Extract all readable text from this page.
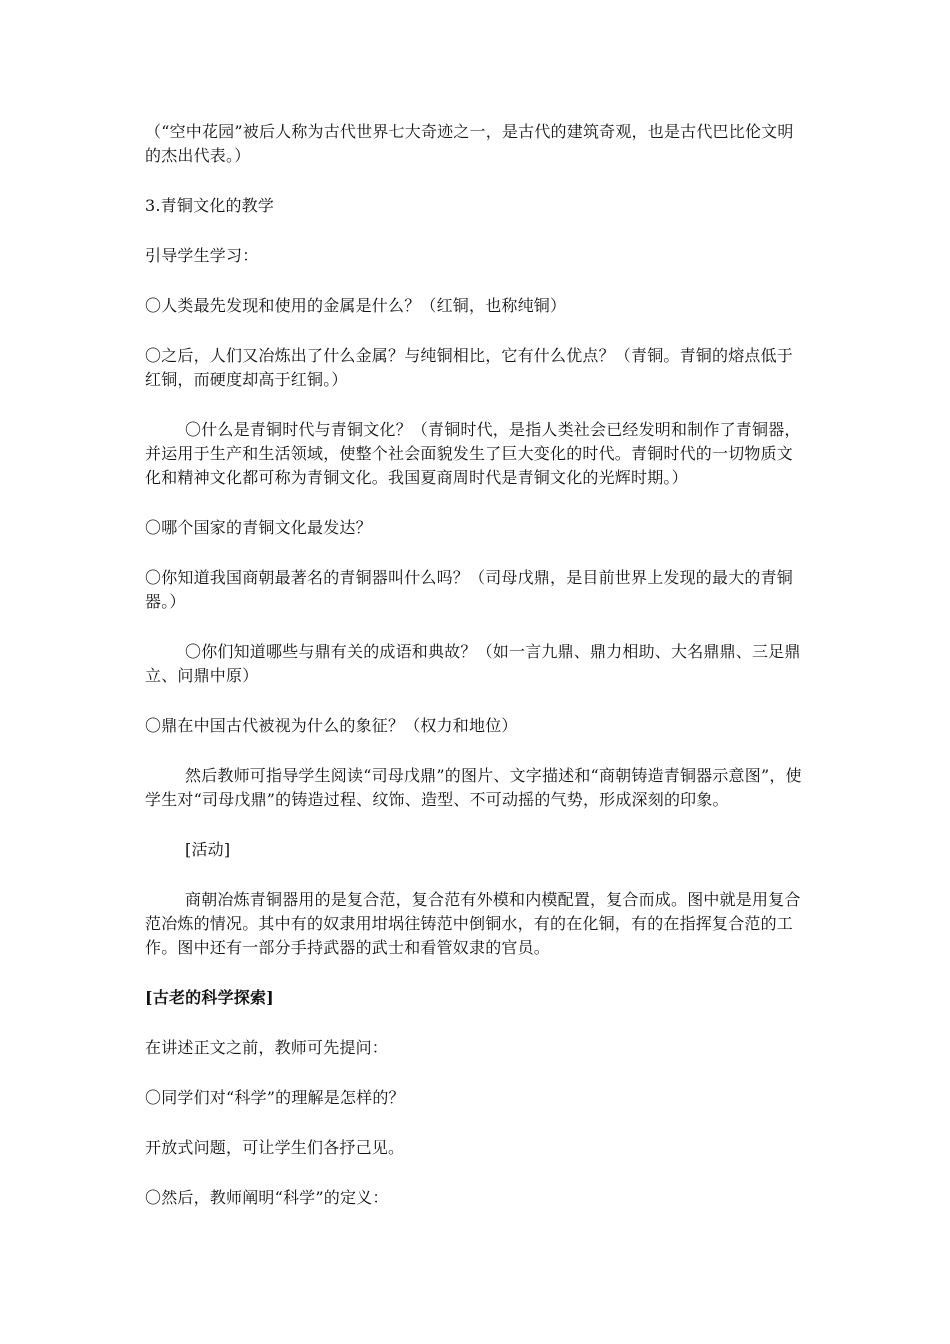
（“空中花园”被后人称为古代世界七大奇迹之一，是古代的建筑奇观，也是古代巴比伦文明的杰出代表。）

3.青铜文化的教学

引导学生学习：

〇人类最先发现和使用的金属是什么？（红铜，也称纯铜）

〇之后，人们又冶炼出了什么金属？与纯铜相比，它有什么优点？（青铜。青铜的熔点低于红铜，而硬度却高于红铜。）

〇什么是青铜时代与青铜文化？（青铜时代，是指人类社会已经发明和制作了青铜器，并运用于生产和生活领域，使整个社会面貌发生了巨大变化的时代。青铜时代的一切物质文化和精神文化都可称为青铜文化。我国夏商周时代是青铜文化的光辉时期。）

〇哪个国家的青铜文化最发达？

〇你知道我国商朝最著名的青铜器叫什么吗？（司母戊鼎，是目前世界上发现的最大的青铜器。）

〇你们知道哪些与鼎有关的成语和典故？（如一言九鼎、鼎力相助、大名鼎鼎、三足鼎立、问鼎中原）

〇鼎在中国古代被视为什么的象征？（权力和地位）

然后教师可指导学生阅读“司母戊鼎”的图片、文字描述和“商朝铸造青铜器示意图”，使学生对“司母戊鼎”的铸造过程、纹饰、造型、不可动摇的气势，形成深刻的印象。

[活动]

商朝冶炼青铜器用的是复合范，复合范有外模和内模配置，复合而成。图中就是用复合范冶炼的情况。其中有的奴隶用坩埚往铸范中倒铜水，有的在化铜，有的在指挥复合范的工作。图中还有一部分手持武器的武士和看管奴隶的官员。

[古老的科学探索]

在讲述正文之前，教师可先提问：

〇同学们对“科学”的理解是怎样的？

开放式问题，可让学生们各抒己见。

〇然后，教师阐明“科学”的定义：
